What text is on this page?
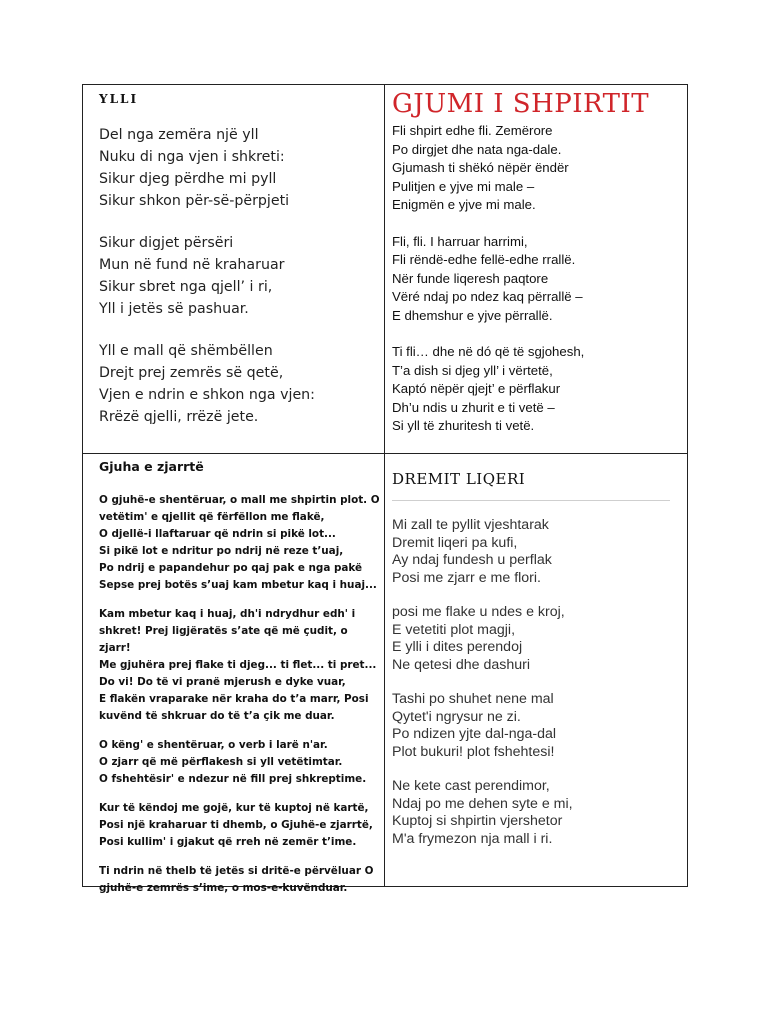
YLLI
Del nga zemëra një yll
Nuku di nga vjen i shkreti:
Sikur djeg përdhe mi pyll
Sikur shkon për-së-përpjeti
Sikur digjet përsëri
Mun në fund në kraharuar
Sikur sbret nga qjell’ i ri,
Yll i jetës së pashuar.
Yll e mall që shëmbëllen
Drejt prej zemrës së qetë,
Vjen e ndrin e shkon nga vjen:
Rrëzë qjelli, rrëzë jete.
GJUMI I SHPIRTIT
Fli shpirt edhe fli. Zemërore
Po dirgjet dhe nata nga-dale.
Gjumash ti shëkó nëpër ëndër
Pulitjen e yjve mi male –
Enigmën e yjve mi male.
Fli, fli. I harruar harrimi,
Fli rëndë-edhe fellë-edhe rrallë.
Nër funde liqeresh paqtore
Vëré ndaj po ndez kaq përrallë –
E dhemshur e yjve përrallë.
Ti fli… dhe në dó që të sgjohesh,
T’a dish si djeg yll’ i vërtetë,
Kaptó nëpër qjejt’ e përflakur
Dh’u ndis u zhurit e ti vetë –
Si yll të zhuritesh ti vetë.
Gjuha e zjarrtë
O gjuhë-e shentëruar, o mall me shpirtin plot. O vetëtim' e qjellit që fërfëllon me flakë,
O djellë-i llaftaruar që ndrin si pikë lot...
Si pikë lot e ndritur po ndrij në reze t’uaj,
Po ndrij e papandehur po qaj pak e nga pakë
Sepse prej botës s’uaj kam mbetur kaq i huaj...
Kam mbetur kaq i huaj, dh'i ndrydhur edh' i shkret! Prej ligjëratës s’ate që më çudit, o zjarr!
Me gjuhëra prej flake ti djeg... ti flet... ti pret...
Do vi! Do të vi pranë mjerush e dyke vuar,
E flakën vraparake nër kraha do t’a marr, Posi kuvënd të shkruar do të t’a çik me duar.
O këng' e shentëruar, o verb i larë n'ar.
O zjarr që më përflakesh si yll vetëtimtar.
O fshehtësir' e ndezur në fill prej shkreptime.
Kur të këndoj me gojë, kur të kuptoj në kartë,
Posi një kraharuar ti dhemb, o Gjuhë-e zjarrtë,
Posi kullim' i gjakut që rreh në zemër t’ime.
Ti ndrin në thelb të jetës si dritë-e përvëluar O gjuhë-e zemrës s’ime, o mos-e-kuvënduar.
DREMIT LIQERI
Mi zall te pyllit vjeshtarak
Dremit liqeri pa kufi,
Ay ndaj fundesh u perflak
Posi me zjarr e me flori.
posi me flake u ndes e kroj,
E vetetiti plot magji,
E ylli i dites perendoj
Ne qetesi dhe dashuri
Tashi po shuhet nene mal
Qytet'i ngrysur ne zi.
Po ndizen yjte dal-nga-dal
Plot bukuri! plot fshehtesi!
Ne kete cast perendimor,
Ndaj po me dehen syte e mi,
Kuptoj si shpirtin vjershetor
M'a frymezon nja mall i ri.
